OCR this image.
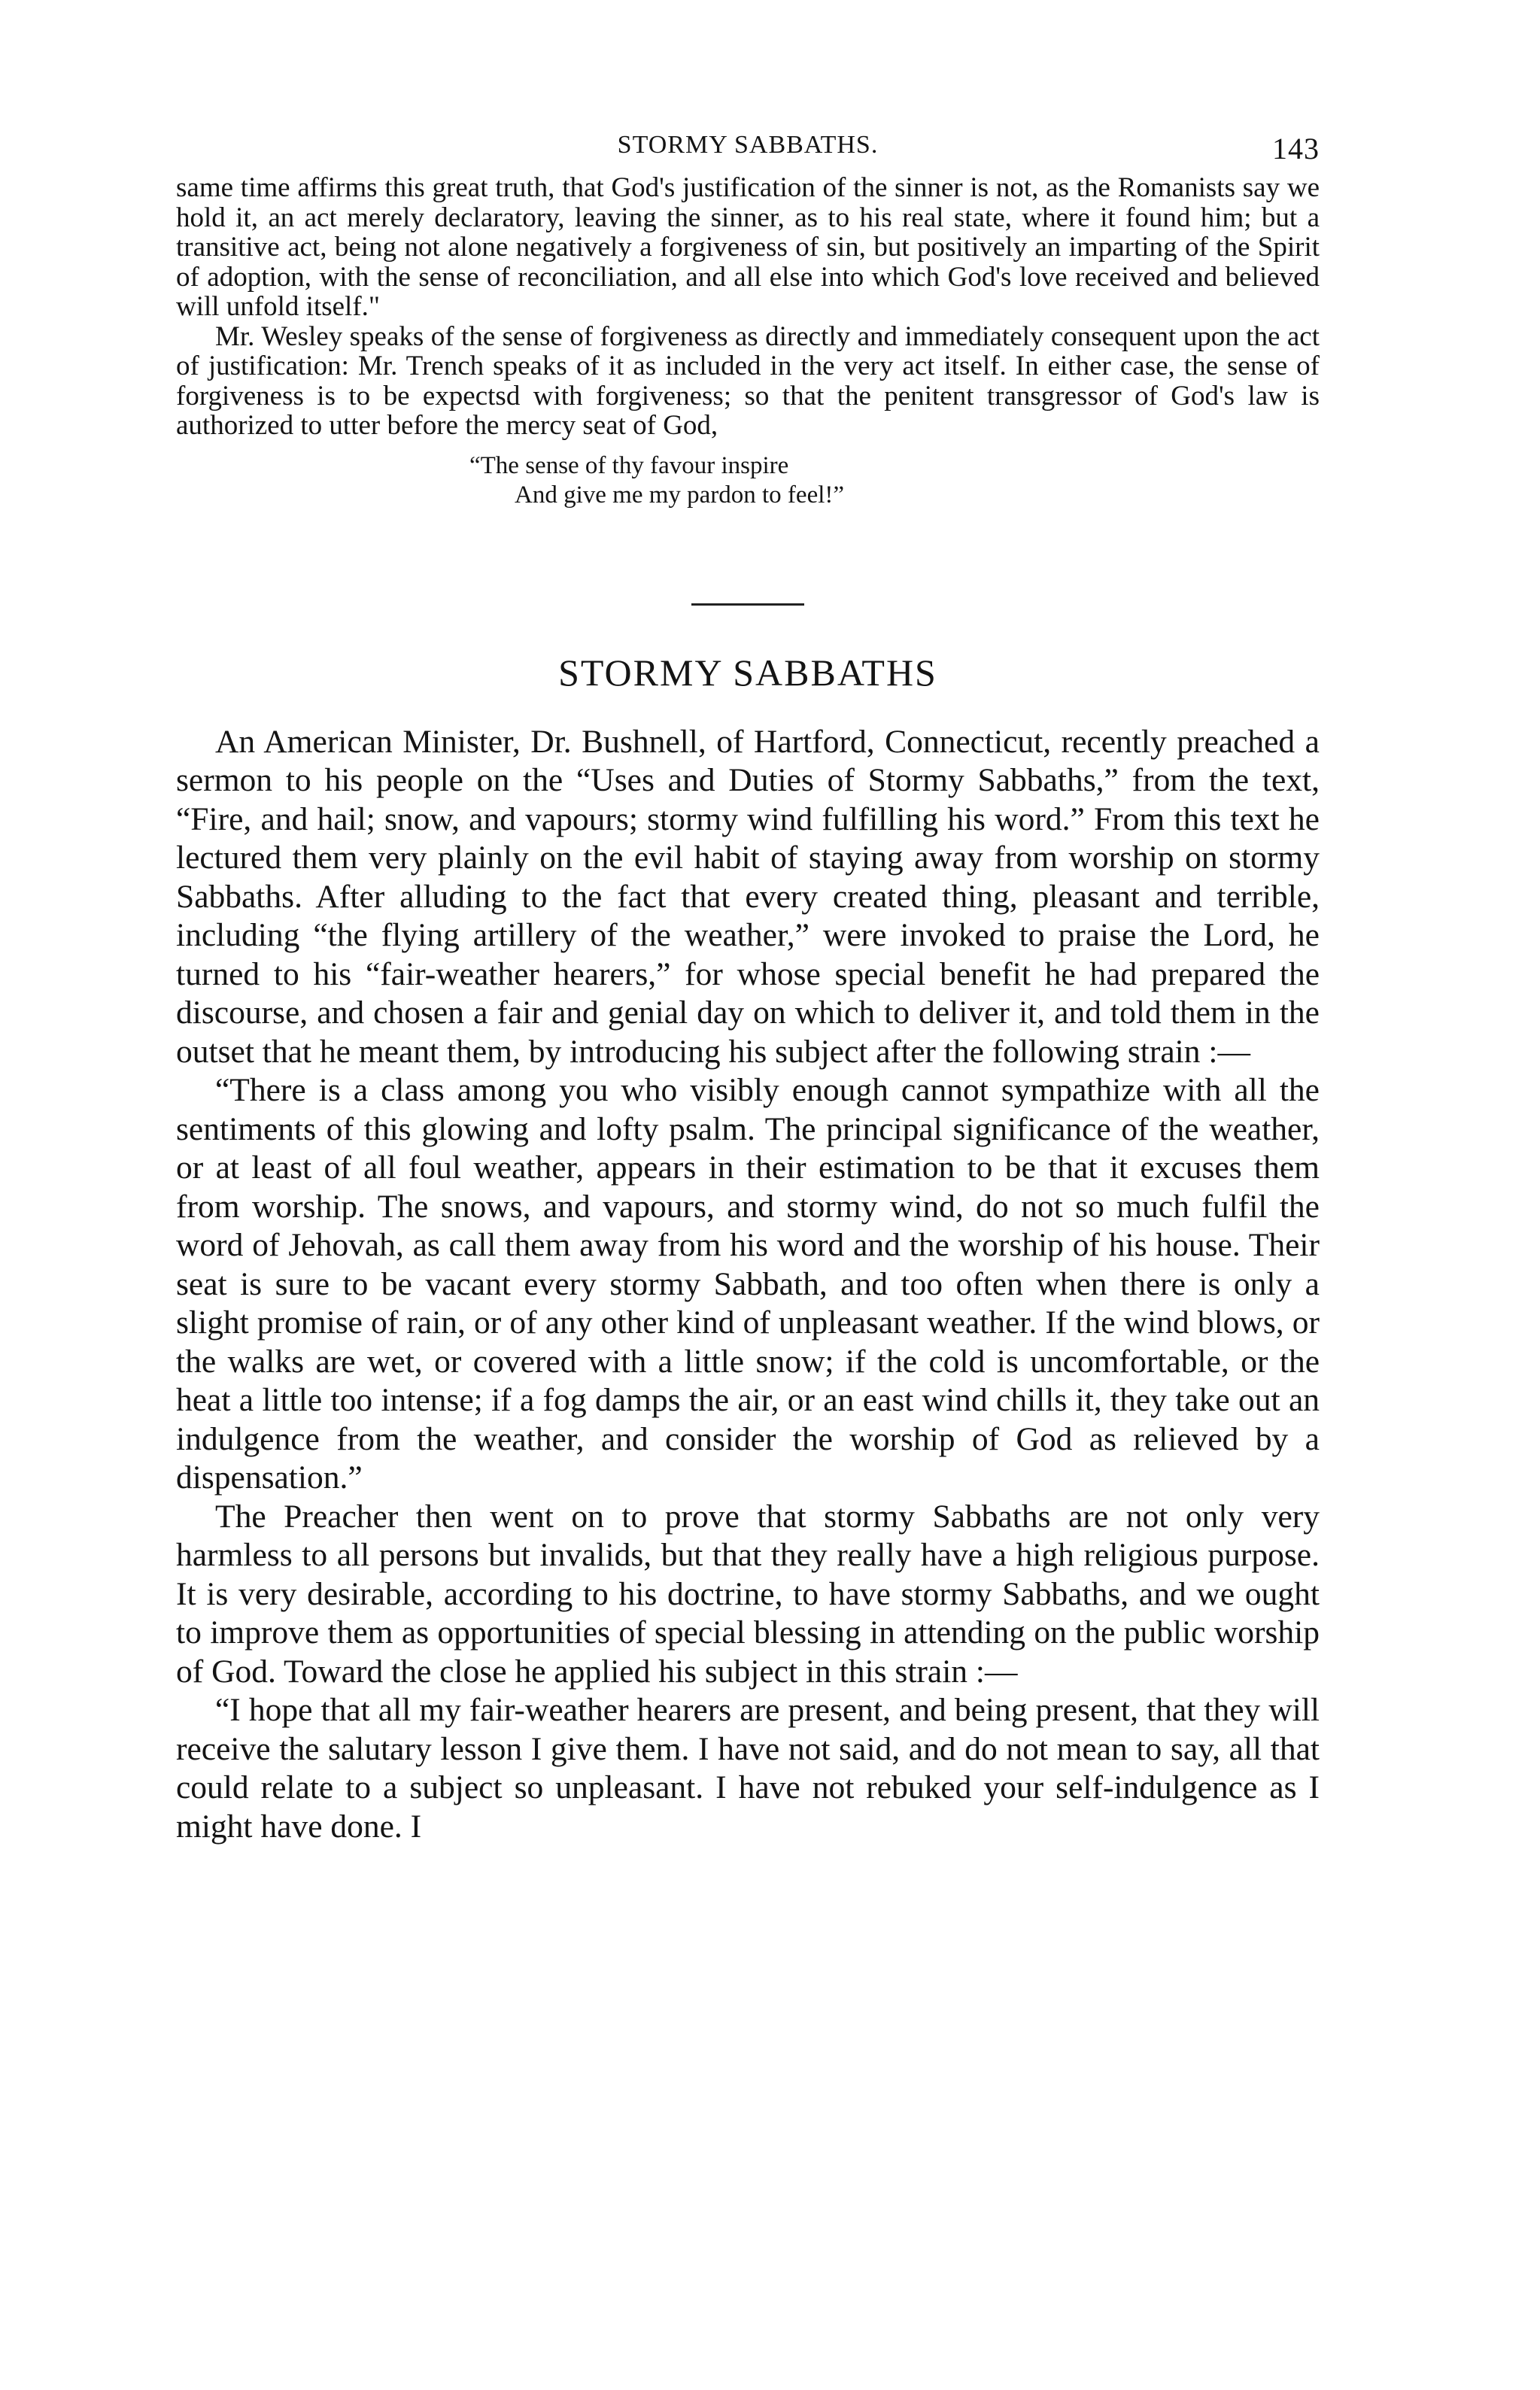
STORMY SABBATHS.	143

same time affirms this great truth, that God's justification of the sinner is not, as the Romanists say we hold it, an act merely declaratory, leaving the sinner, as to his real state, where it found him; but a transitive act, being not alone negatively a forgiveness of sin, but positively an imparting of the Spirit of adoption, with the sense of reconciliation, and all else into which God's love received and believed will unfold itself."

Mr. Wesley speaks of the sense of forgiveness as directly and immediately consequent upon the act of justification: Mr. Trench speaks of it as included in the very act itself. In either case, the sense of forgiveness is to be expectsd with forgiveness; so that the penitent transgressor of God's law is authorized to utter before the mercy seat of God,

“The sense of thy favour inspire
And give me my pardon to feel!”
STORMY SABBATHS

An American Minister, Dr. Bushnell, of Hartford, Connecticut, recently preached a sermon to his people on the “Uses and Duties of Stormy Sabbaths,” from the text, “Fire, and hail; snow, and vapours; stormy wind fulfilling his word.” From this text he lectured them very plainly on the evil habit of staying away from worship on stormy Sabbaths. After alluding to the fact that every created thing, pleasant and terrible, including “the flying artillery of the weather,” were invoked to praise the Lord, he turned to his “fair-weather hearers,” for whose special benefit he had prepared the discourse, and chosen a fair and genial day on which to deliver it, and told them in the outset that he meant them, by introducing his subject after the following strain :—

“There is a class among you who visibly enough cannot sympathize with all the sentiments of this glowing and lofty psalm. The principal significance of the weather, or at least of all foul weather, appears in their estimation to be that it excuses them from worship. The snows, and vapours, and stormy wind, do not so much fulfil the word of Jehovah, as call them away from his word and the worship of his house. Their seat is sure to be vacant every stormy Sabbath, and too often when there is only a slight promise of rain, or of any other kind of unpleasant weather. If the wind blows, or the walks are wet, or covered with a little snow; if the cold is uncomfortable, or the heat a little too intense; if a fog damps the air, or an east wind chills it, they take out an indulgence from the weather, and consider the worship of God as relieved by a dispensation.”

The Preacher then went on to prove that stormy Sabbaths are not only very harmless to all persons but invalids, but that they really have a high religious purpose. It is very desirable, according to his doctrine, to have stormy Sabbaths, and we ought to improve them as opportunities of special blessing in attending on the public worship of God. Toward the close he applied his subject in this strain :—

“I hope that all my fair-weather hearers are present, and being present, that they will receive the salutary lesson I give them. I have not said, and do not mean to say, all that could relate to a subject so unpleasant. I have not rebuked your self-indulgence as I might have done. I
